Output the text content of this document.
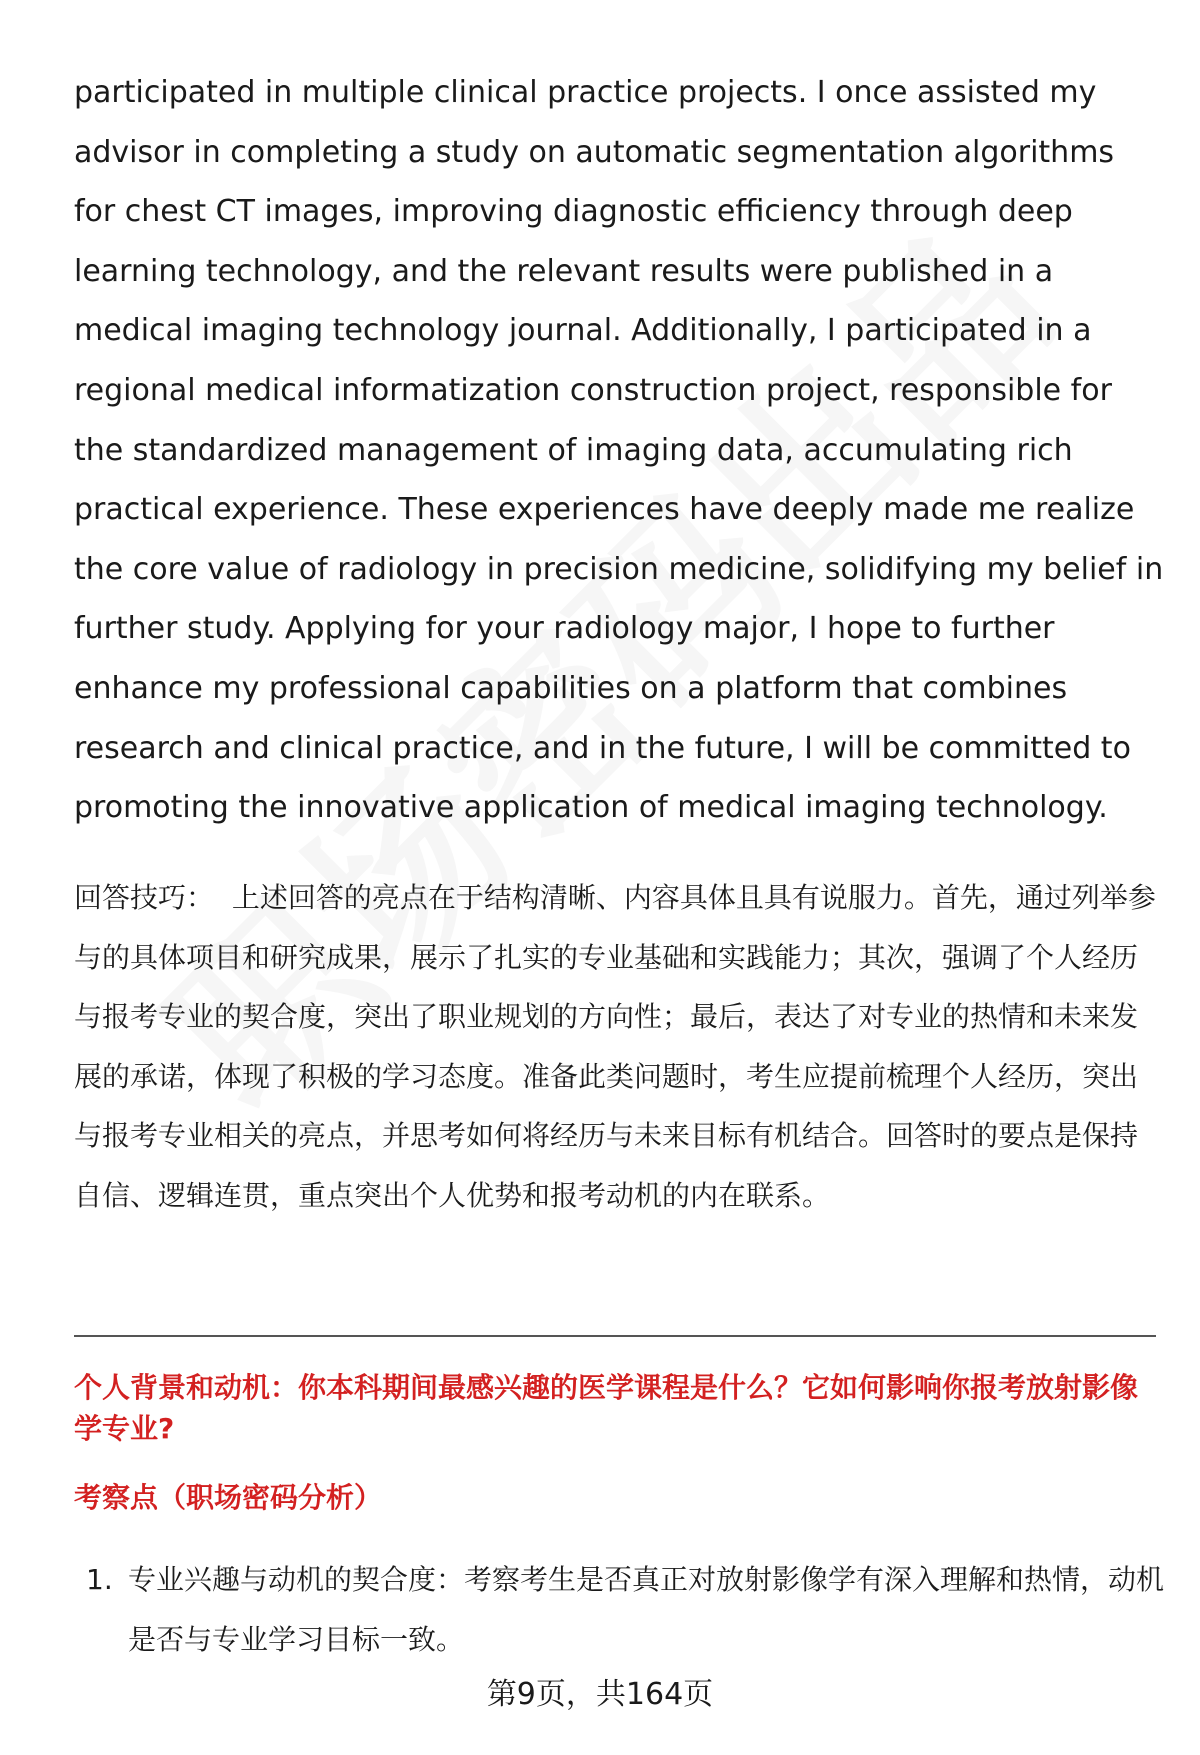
participated in multiple clinical practice projects. I once assisted my advisor in completing a study on automatic segmentation algorithms for chest CT images, improving diagnostic efficiency through deep learning technology, and the relevant results were published in a medical imaging technology journal. Additionally, I participated in a regional medical informatization construction project, responsible for the standardized management of imaging data, accumulating rich practical experience. These experiences have deeply made me realize the core value of radiology in precision medicine, solidifying my belief in further study. Applying for your radiology major, I hope to further enhance my professional capabilities on a platform that combines research and clinical practice, and in the future, I will be committed to promoting the innovative application of medical imaging technology.

回答技巧： 上述回答的亮点在于结构清晰、内容具体且具有说服力。首先，通过列举参与的具体项目和研究成果，展示了扎实的专业基础和实践能力；其次，强调了个人经历与报考专业的契合度，突出了职业规划的方向性；最后，表达了对专业的热情和未来发展的承诺，体现了积极的学习态度。准备此类问题时，考生应提前梳理个人经历，突出与报考专业相关的亮点，并思考如何将经历与未来目标有机结合。回答时的要点是保持自信、逻辑连贯，重点突出个人优势和报考动机的内在联系。

个人背景和动机：你本科期间最感兴趣的医学课程是什么？它如何影响你报考放射影像学专业?

考察点（职场密码分析）

1. 专业兴趣与动机的契合度：考察考生是否真正对放射影像学有深入理解和热情，动机是否与专业学习目标一致。

第9页，共164页
